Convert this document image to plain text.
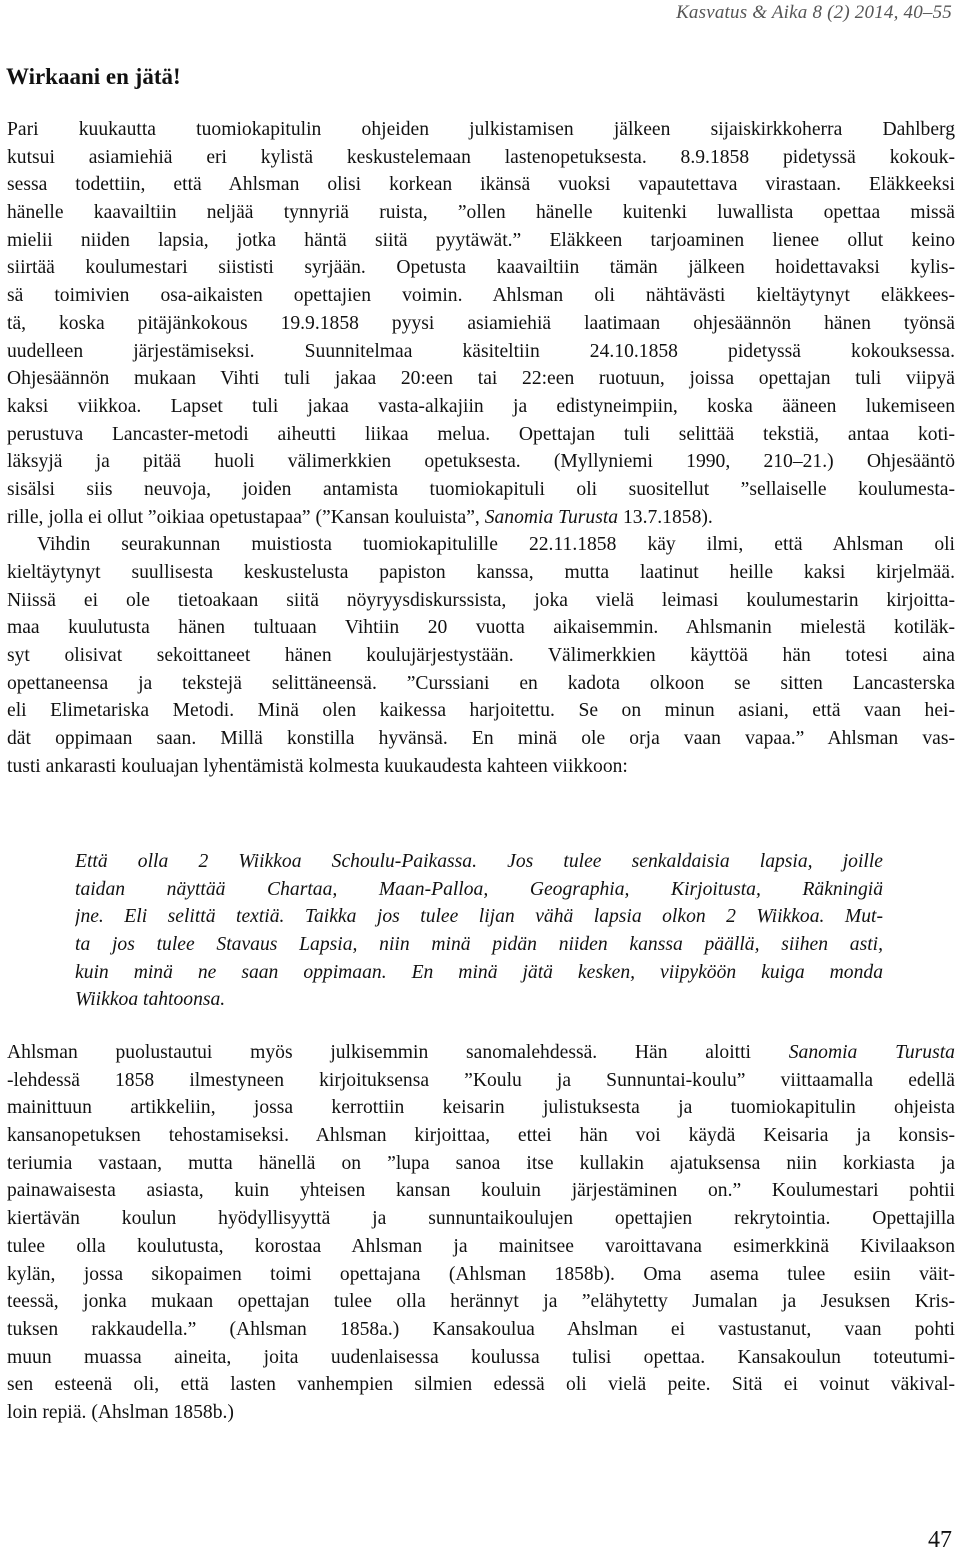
Kasvatus & Aika 8 (2) 2014, 40–55
Wirkaani en jätä!
Pari kuukautta tuomiokapitulin ohjeiden julkistamisen jälkeen sijaiskirkkoherra Dahlberg
kutsui asiamiehiä eri kylistä keskustelemaan lastenopetuksesta. 8.9.1858 pidetyssä kokouk-
sessa todettiin, että Ahlsman olisi korkean ikänsä vuoksi vapautettava virastaan. Eläkkeeksi
hänelle kaavailtiin neljää tynnyriä ruista, ”ollen hänelle kuitenki luwallista opettaa missä
mielii niiden lapsia, jotka häntä siitä pyytäwät.” Eläkkeen tarjoaminen lienee ollut keino
siirtää koulumestari siististi syrjään. Opetusta kaavailtiin tämän jälkeen hoidettavaksi kylis-
sä toimivien osa-aikaisten opettajien voimin. Ahlsman oli nähtävästi kieltäytynyt eläkkees-
tä, koska pitäjänkokous 19.9.1858 pyysi asiamiehiä laatimaan ohjesäännön hänen työnsä
uudelleen järjestämiseksi. Suunnitelmaa käsiteltiin 24.10.1858 pidetyssä kokouksessa.
Ohjesäännön mukaan Vihti tuli jakaa 20:een tai 22:een ruotuun, joissa opettajan tuli viipyä
kaksi viikkoa. Lapset tuli jakaa vasta-alkajiin ja edistyneimpiin, koska ääneen lukemiseen
perustuva Lancaster-metodi aiheutti liikaa melua. Opettajan tuli selittää tekstiä, antaa koti-
läksyjä ja pitää huoli välimerkkien opetuksesta. (Myllyniemi 1990, 210–21.) Ohjesääntö
sisälsi siis neuvoja, joiden antamista tuomiokapituli oli suositellut ”sellaiselle koulumesta-
rille, jolla ei ollut ”oikiaa opetustapaa” (”Kansan kouluista”, Sanomia Turusta 13.7.1858).
Vihdin seurakunnan muistiosta tuomiokapitulille 22.11.1858 käy ilmi, että Ahlsman oli
kieltäytynyt suullisesta keskustelusta papiston kanssa, mutta laatinut heille kaksi kirjelmää.
Niissä ei ole tietoakaan siitä nöyryysdiskurssista, joka vielä leimasi koulumestarin kirjoitta-
maa kuulutusta hänen tultuaan Vihtiin 20 vuotta aikaisemmin. Ahlsmanin mielestä kotiläk-
syt olisivat sekoittaneet hänen koulujärjestystään. Välimerkkien käyttöä hän totesi aina
opettaneensa ja tekstejä selittäneensä. ”Curssiani en kadota olkoon se sitten Lancasterska
eli Elimetariska Metodi. Minä olen kaikessa harjoitettu. Se on minun asiani, että vaan hei-
dät oppimaan saan. Millä konstilla hyvänsä. En minä ole orja vaan vapaa.” Ahlsman vas-
tusti ankarasti kouluajan lyhentämistä kolmesta kuukaudesta kahteen viikkoon:
Että olla 2 Wiikkoa Schoulu-Paikassa. Jos tulee senkaldaisia lapsia, joille
taidan näyttää Chartaa, Maan-Palloa, Geographia, Kirjoitusta, Räkningiä
jne. Eli selittä textiä. Taikka jos tulee lijan vähä lapsia olkon 2 Wiikkoa. Mut-
ta jos tulee Stavaus Lapsia, niin minä pidän niiden kanssa päällä, siihen asti,
kuin minä ne saan oppimaan. En minä jätä kesken, viipyköön kuiga monda
Wiikkoa tahtoonsa.
Ahlsman puolustautui myös julkisemmin sanomalehdessä. Hän aloitti Sanomia Turusta
-lehdessä 1858 ilmestyneen kirjoituksensa ”Koulu ja Sunnuntai-koulu” viittaamalla edellä
mainittuun artikkeliin, jossa kerrottiin keisarin julistuksesta ja tuomiokapitulin ohjeista
kansanopetuksen tehostamiseksi. Ahlsman kirjoittaa, ettei hän voi käydä Keisaria ja konsis-
teriumia vastaan, mutta hänellä on ”lupa sanoa itse kullakin ajatuksensa niin korkiasta ja
painawaisesta asiasta, kuin yhteisen kansan kouluin järjestäminen on.” Koulumestari pohtii
kiertävän koulun hyödyllisyyttä ja sunnuntaikoulujen opettajien rekrytointia. Opettajilla
tulee olla koulutusta, korostaa Ahlsman ja mainitsee varoittavana esimerkkinä Kivilaakson
kylän, jossa sikopaimen toimi opettajana (Ahlsman 1858b). Oma asema tulee esiin väit-
teessä, jonka mukaan opettajan tulee olla herännyt ja ”elähytetty Jumalan ja Jesuksen Kris-
tuksen rakkaudella.” (Ahlsman 1858a.) Kansakoulua Ahslman ei vastustanut, vaan pohti
muun muassa aineita, joita uudenlaisessa koulussa tulisi opettaa. Kansakoulun toteutumi-
sen esteenä oli, että lasten vanhempien silmien edessä oli vielä peite. Sitä ei voinut väkival-
loin repiä. (Ahslman 1858b.)
47
